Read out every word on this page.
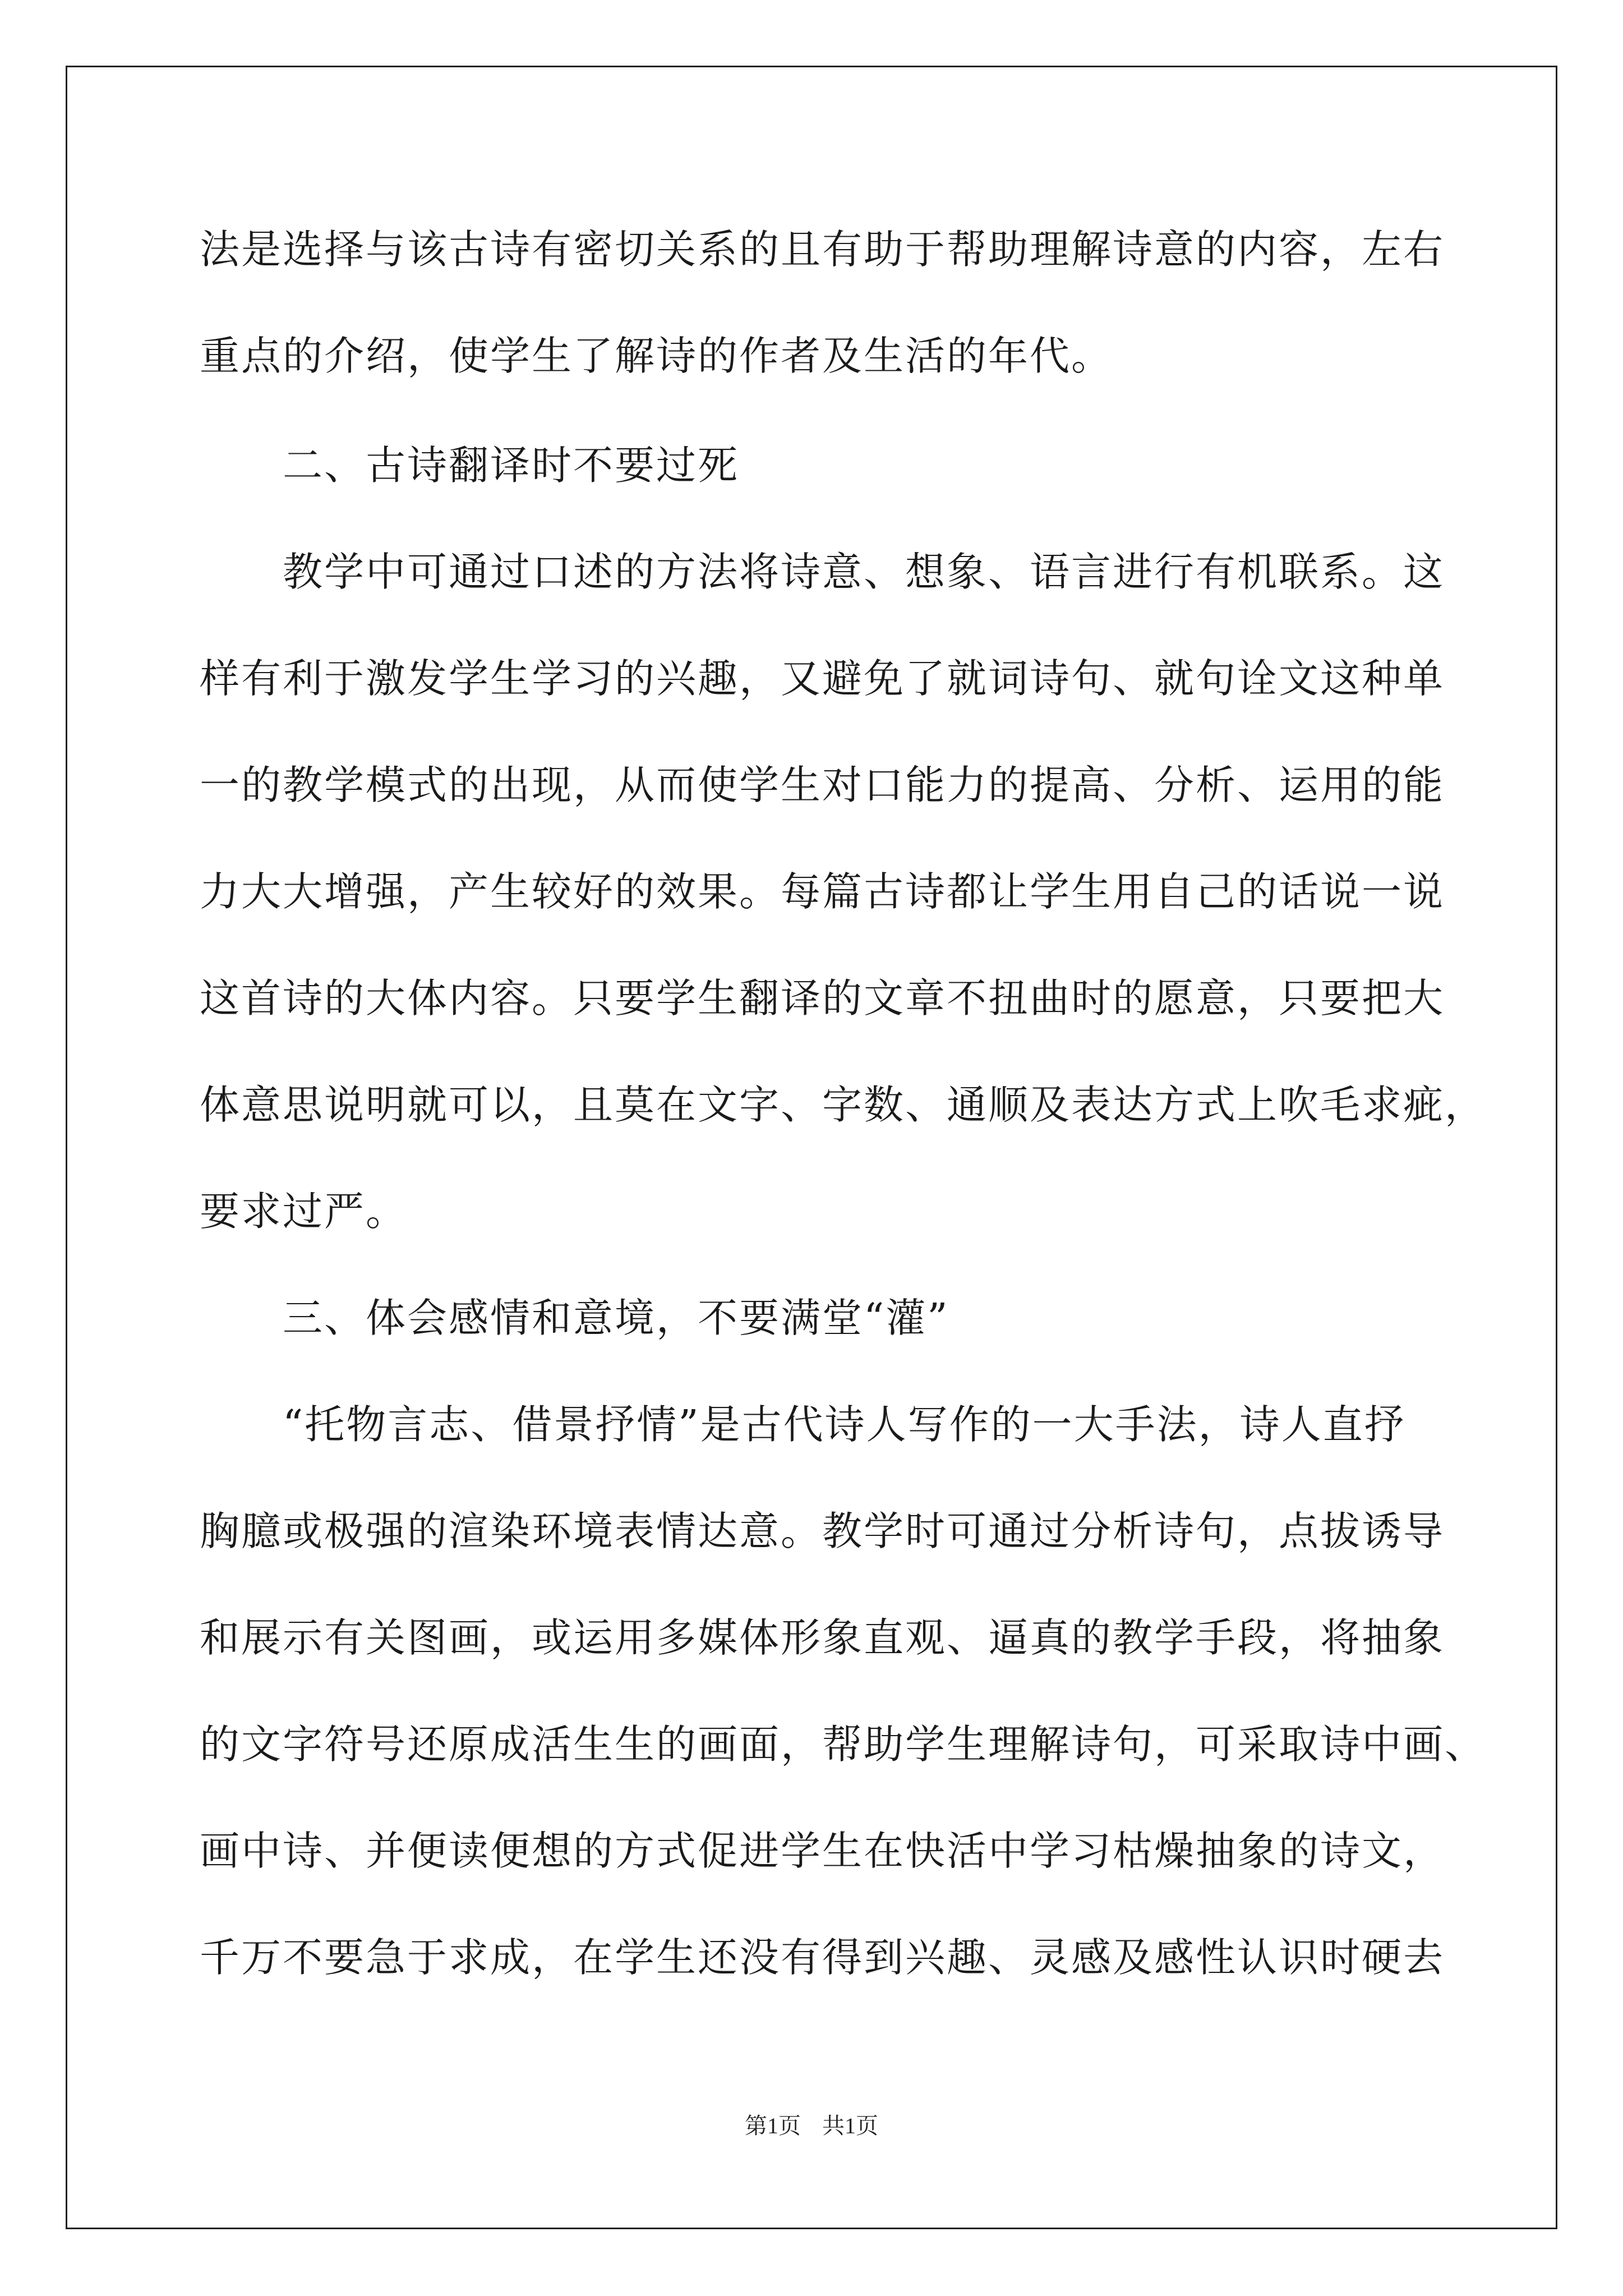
法是选择与该古诗有密切关系的且有助于帮助理解诗意的内容，左右
重点的介绍，使学生了解诗的作者及生活的年代。
　　二、古诗翻译时不要过死
　　教学中可通过口述的方法将诗意、想象、语言进行有机联系。这
样有利于激发学生学习的兴趣，又避免了就词诗句、就句诠文这种单
一的教学模式的出现，从而使学生对口能力的提高、分析、运用的能
力大大增强，产生较好的效果。每篇古诗都让学生用自己的话说一说
这首诗的大体内容。只要学生翻译的文章不扭曲时的愿意，只要把大
体意思说明就可以，且莫在文字、字数、通顺及表达方式上吹毛求疵，
要求过严。
　　三、体会感情和意境，不要满堂“灌”
　　“托物言志、借景抒情”是古代诗人写作的一大手法，诗人直抒
胸臆或极强的渲染环境表情达意。教学时可通过分析诗句，点拔诱导
和展示有关图画，或运用多媒体形象直观、逼真的教学手段，将抽象
的文字符号还原成活生生的画面，帮助学生理解诗句，可采取诗中画、
画中诗、并便读便想的方式促进学生在快活中学习枯燥抽象的诗文，
千万不要急于求成，在学生还没有得到兴趣、灵感及感性认识时硬去
第1页 共1页
